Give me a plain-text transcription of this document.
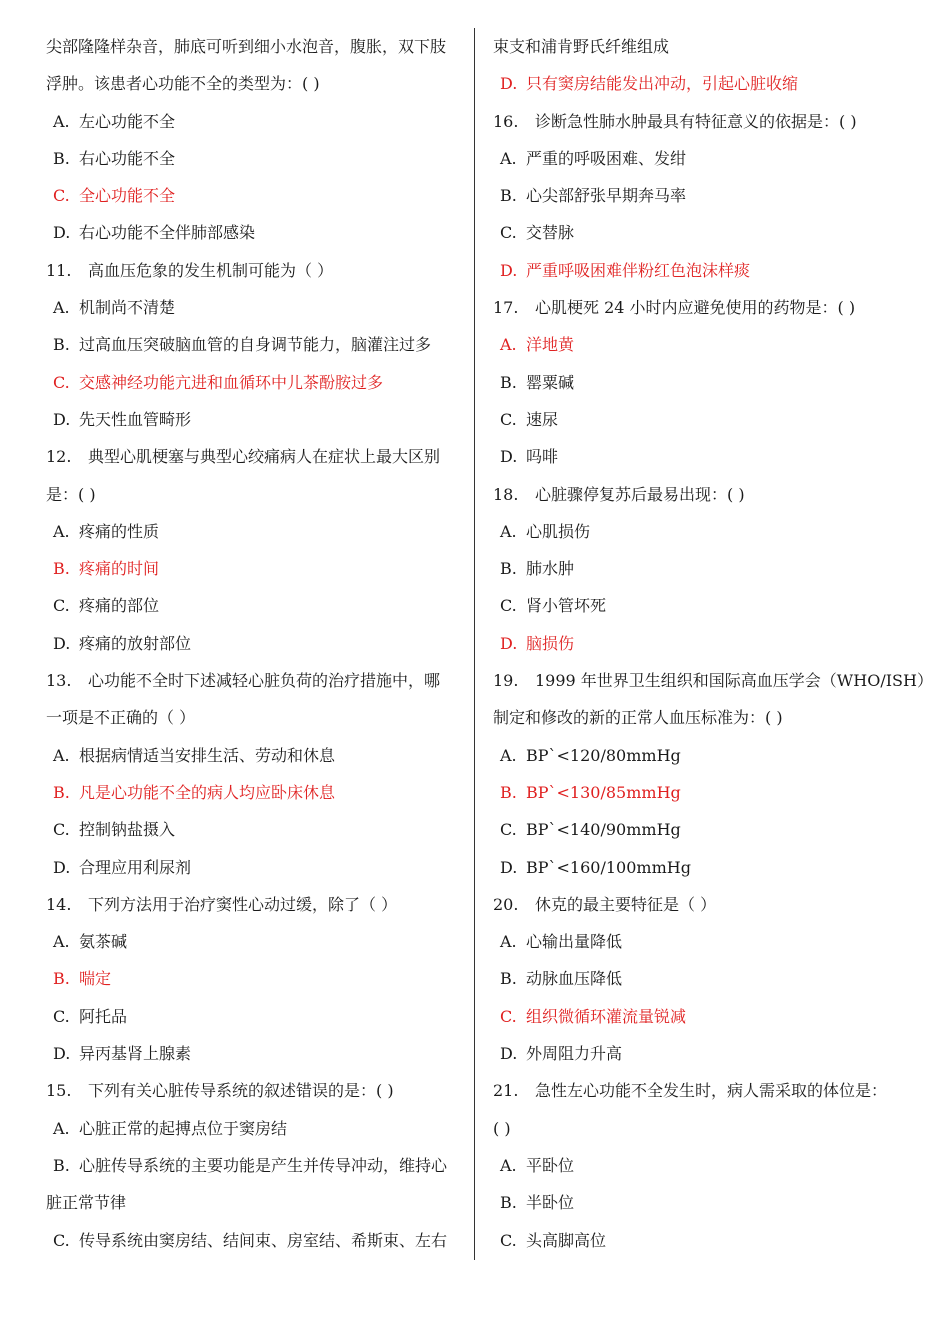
尖部隆隆样杂音，肺底可听到细小水泡音，腹胀，双下肢
浮肿。该患者心功能不全的类型为：( )
A. 左心功能不全
B. 右心功能不全
C. 全心功能不全
D. 右心功能不全伴肺部感染
11. 高血压危象的发生机制可能为（ ）
A. 机制尚不清楚
B. 过高血压突破脑血管的自身调节能力，脑灌注过多
C. 交感神经功能亢进和血循环中儿茶酚胺过多
D. 先天性血管畸形
12. 典型心肌梗塞与典型心绞痛病人在症状上最大区别
是：( )
A. 疼痛的性质
B. 疼痛的时间
C. 疼痛的部位
D. 疼痛的放射部位
13. 心功能不全时下述减轻心脏负荷的治疗措施中，哪
一项是不正确的（ ）
A. 根据病情适当安排生活、劳动和休息
B. 凡是心功能不全的病人均应卧床休息
C. 控制钠盐摄入
D. 合理应用利尿剂
14. 下列方法用于治疗窦性心动过缓，除了（ ）
A. 氨茶碱
B. 喘定
C. 阿托品
D. 异丙基肾上腺素
15. 下列有关心脏传导系统的叙述错误的是：( )
A. 心脏正常的起搏点位于窦房结
B. 心脏传导系统的主要功能是产生并传导冲动，维持心
脏正常节律
C. 传导系统由窦房结、结间束、房室结、希斯束、左右
束支和浦肯野氏纤维组成
D. 只有窦房结能发出冲动，引起心脏收缩
16. 诊断急性肺水肿最具有特征意义的依据是：( )
A. 严重的呼吸困难、发绀
B. 心尖部舒张早期奔马率
C. 交替脉
D. 严重呼吸困难伴粉红色泡沫样痰
17. 心肌梗死 24 小时内应避免使用的药物是：( )
A. 洋地黄
B. 罂粟碱
C. 速尿
D. 吗啡
18. 心脏骤停复苏后最易出现：( )
A. 心肌损伤
B. 肺水肿
C. 肾小管坏死
D. 脑损伤
19. 1999 年世界卫生组织和国际高血压学会（WHO/ISH）
制定和修改的新的正常人血压标准为：( )
A. BP`<120/80mmHg
B. BP`<130/85mmHg
C. BP`<140/90mmHg
D. BP`<160/100mmHg
20. 休克的最主要特征是（ ）
A. 心输出量降低
B. 动脉血压降低
C. 组织微循环灌流量锐减
D. 外周阻力升高
21. 急性左心功能不全发生时，病人需采取的体位是：
( )
A. 平卧位
B. 半卧位
C. 头高脚高位
